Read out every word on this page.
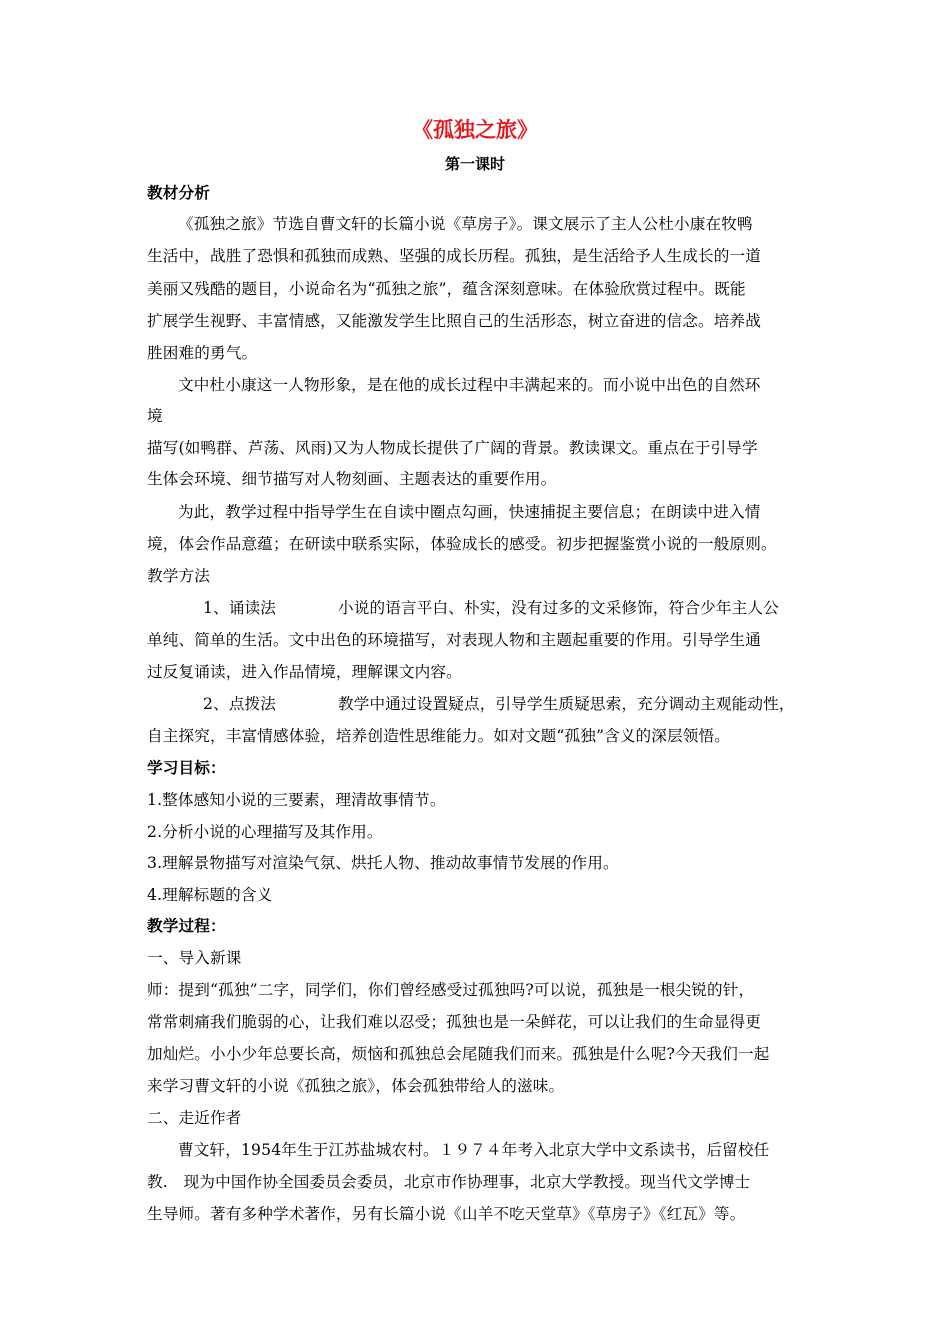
《孤独之旅》
第一课时
教材分析
《孤独之旅》节选自曹文轩的长篇小说《草房子》。课文展示了主人公杜小康在牧鸭
生活中，战胜了恐惧和孤独而成熟、坚强的成长历程。孤独，是生活给予人生成长的一道
美丽又残酷的题目，小说命名为“孤独之旅”，蕴含深刻意味。在体验欣赏过程中。既能
扩展学生视野、丰富情感，又能激发学生比照自己的生活形态，树立奋进的信念。培养战
胜困难的勇气。
文中杜小康这一人物形象，是在他的成长过程中丰满起来的。而小说中出色的自然环
境
描写(如鸭群、芦荡、风雨)又为人物成长提供了广阔的背景。教读课文。重点在于引导学
生体会环境、细节描写对人物刻画、主题表达的重要作用。
为此，教学过程中指导学生在自读中圈点勾画，快速捕捉主要信息；在朗读中进入情
境，体会作品意蕴；在研读中联系实际，体验成长的感受。初步把握鉴赏小说的一般原则。
教学方法
1、诵读法	小说的语言平白、朴实，没有过多的文采修饰，符合少年主人公
单纯、简单的生活。文中出色的环境描写，对表现人物和主题起重要的作用。引导学生通
过反复诵读，进入作品情境，理解课文内容。
2、点拨法	教学中通过设置疑点，引导学生质疑思索，充分调动主观能动性，
自主探究，丰富情感体验，培养创造性思维能力。如对文题“孤独”含义的深层领悟。
学习目标：
1.整体感知小说的三要素，理清故事情节。
2.分析小说的心理描写及其作用。
3.理解景物描写对渲染气氛、烘托人物、推动故事情节发展的作用。
4.理解标题的含义
教学过程：
一、导入新课
师：提到“孤独”二字，同学们，你们曾经感受过孤独吗?可以说，孤独是一根尖锐的针，
常常刺痛我们脆弱的心，让我们难以忍受；孤独也是一朵鲜花，可以让我们的生命显得更
加灿烂。小小少年总要长高，烦恼和孤独总会尾随我们而来。孤独是什么呢?今天我们一起
来学习曹文轩的小说《孤独之旅》，体会孤独带给人的滋味。
二、走近作者
曹文轩，1954年生于江苏盐城农村。１９７４年考入北京大学中文系读书，后留校任
教.　现为中国作协全国委员会委员，北京市作协理事，北京大学教授。现当代文学博士
生导师。著有多种学术著作，另有长篇小说《山羊不吃天堂草》《草房子》《红瓦》等。
